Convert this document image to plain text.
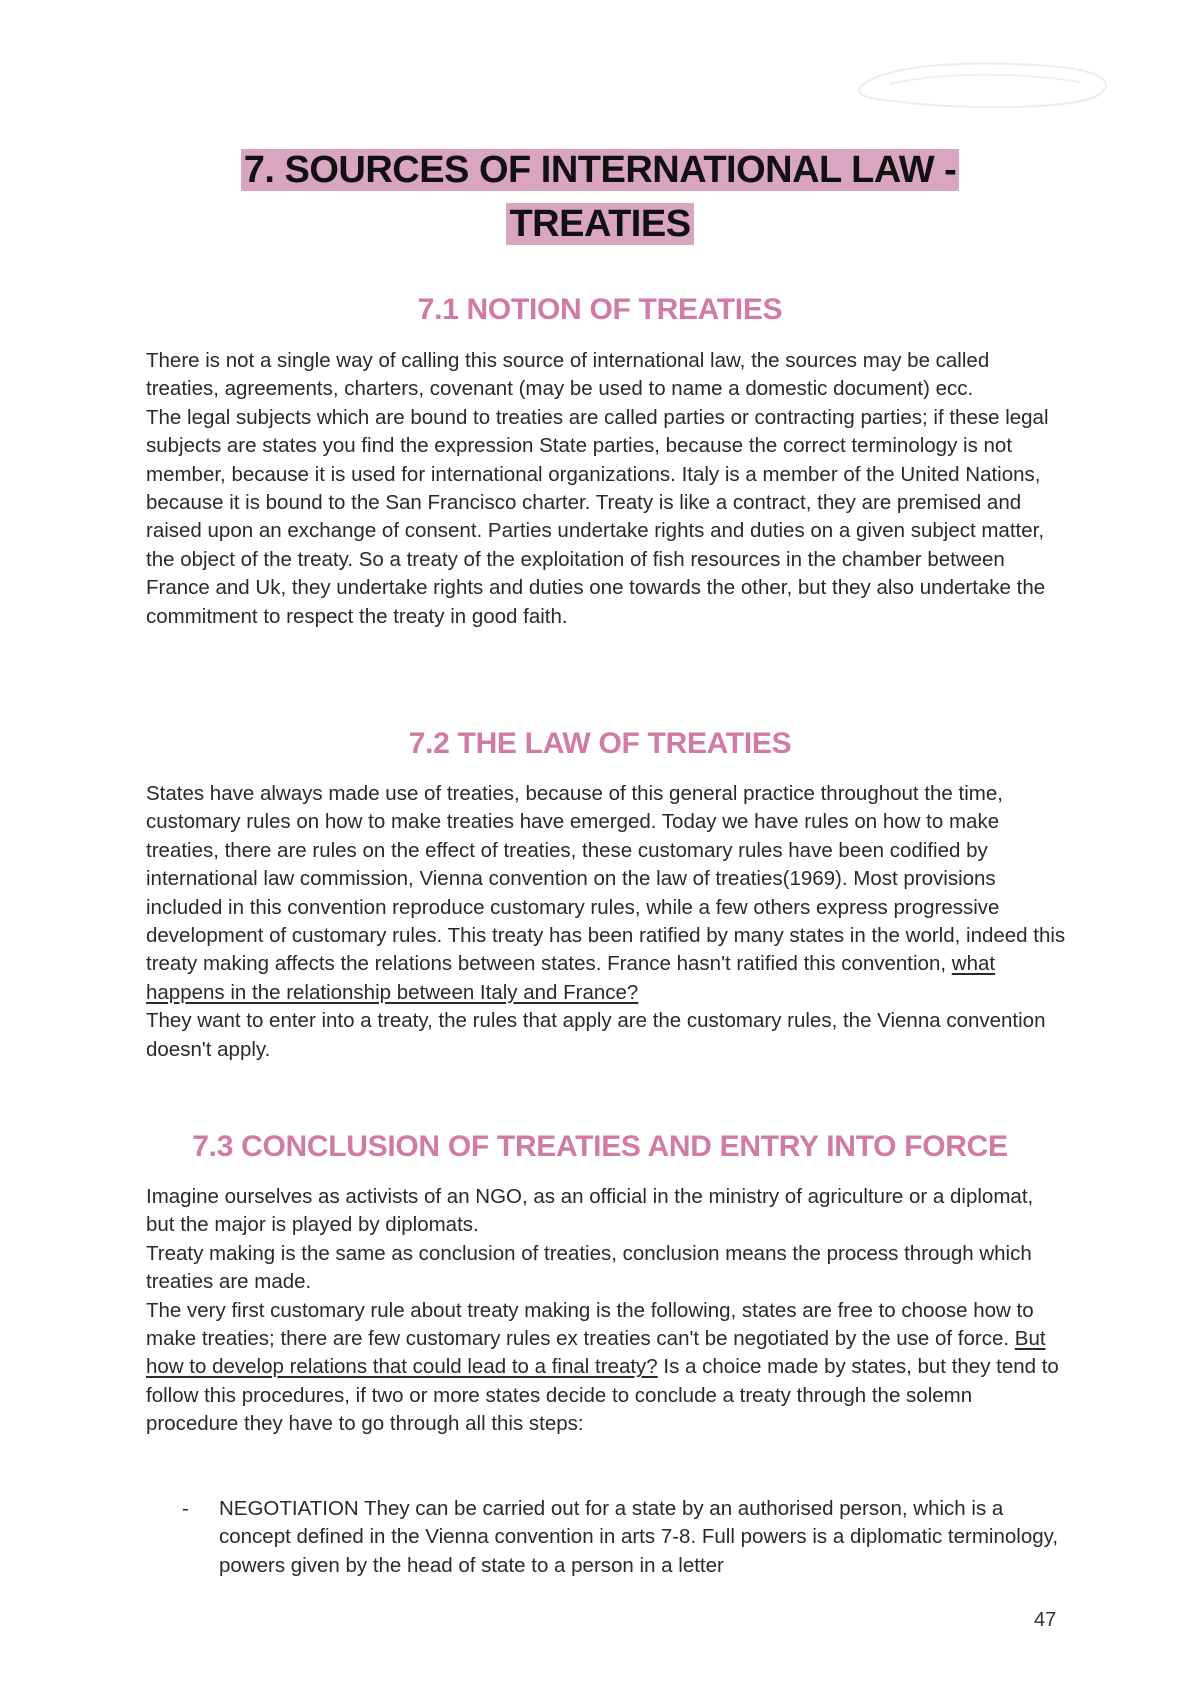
7. SOURCES OF INTERNATIONAL LAW -
TREATIES
7.1 NOTION OF TREATIES

There is not a single way of calling this source of international law, the sources may be called treaties, agreements, charters, covenant (may be used to name a domestic document) ecc.

The legal subjects which are bound to treaties are called parties or contracting parties; if these legal subjects are states you find the expression State parties, because the correct terminology is not member, because it is used for international organizations. Italy is a member of the United Nations, because it is bound to the San Francisco charter. Treaty is like a contract, they are premised and raised upon an exchange of consent. Parties undertake rights and duties on a given subject matter, the object of the treaty. So a treaty of the exploitation of fish resources in the chamber between France and Uk, they undertake rights and duties one towards the other, but they also undertake the commitment to respect the treaty in good faith.

7.2 THE LAW OF TREATIES

States have always made use of treaties, because of this general practice throughout the time, customary rules on how to make treaties have emerged. Today we have rules on how to make treaties, there are rules on the effect of treaties, these customary rules have been codified by international law commission, Vienna convention on the law of treaties(1969). Most provisions included in this convention reproduce customary rules, while a few others express progressive development of customary rules. This treaty has been ratified by many states in the world, indeed this treaty making affects the relations between states. France hasn't ratified this convention, what happens in the relationship between Italy and France?

They want to enter into a treaty, the rules that apply are the customary rules, the Vienna convention doesn't apply.

7.3 CONCLUSION OF TREATIES AND ENTRY INTO FORCE

Imagine ourselves as activists of an NGO, as an official in the ministry of agriculture or a diplomat, but the major is played by diplomats.

Treaty making is the same as conclusion of treaties, conclusion means the process through which treaties are made.

The very first customary rule about treaty making is the following, states are free to choose how to make treaties; there are few customary rules ex treaties can't be negotiated by the use of force. But how to develop relations that could lead to a final treaty? Is a choice made by states, but they tend to follow this procedures, if two or more states decide to conclude a treaty through the solemn procedure they have to go through all this steps:

- NEGOTIATION They can be carried out for a state by an authorised person, which is a concept defined in the Vienna convention in arts 7-8. Full powers is a diplomatic terminology, powers given by the head of state to a person in a letter
47
